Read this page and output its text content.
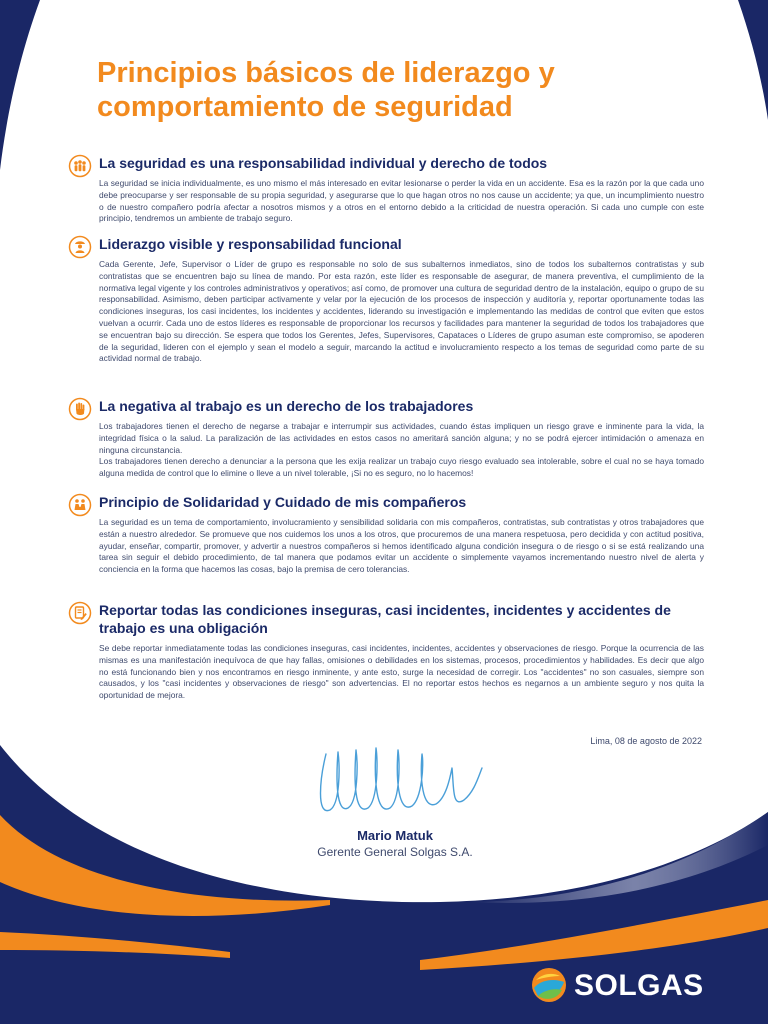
Principios básicos de liderazgo y
comportamiento de seguridad
La seguridad es una responsabilidad individual y derecho de todos

La seguridad se inicia individualmente, es uno mismo el más interesado en evitar lesionarse o perder la vida en un accidente. Esa es la razón por la que cada uno debe preocuparse y ser responsable de su propia seguridad, y asegurarse que lo que hagan otros no nos cause un accidente; ya que, un incumplimiento nuestro o de nuestro compañero podría afectar a nosotros mismos y a otros en el entorno debido a la criticidad de nuestra operación. Si cada uno cumple con este principio, tendremos un ambiente de trabajo seguro.

Liderazgo visible y responsabilidad funcional

Cada Gerente, Jefe, Supervisor o Líder de grupo es responsable no solo de sus subalternos inmediatos, sino de todos los subalternos contratistas y sub contratistas que se encuentren bajo su línea de mando. Por esta razón, este líder es responsable de asegurar, de manera preventiva, el cumplimiento de la normativa legal vigente y los controles administrativos y operativos; así como, de promover una cultura de seguridad dentro de la instalación, equipo o grupo de su responsabilidad. Asimismo, deben participar activamente y velar por la ejecución de los procesos de inspección y auditoría y, reportar oportunamente todas las condiciones inseguras, los casi incidentes, los incidentes y accidentes, liderando su investigación e implementando las medidas de control que eviten que estos vuelvan a ocurrir. Cada uno de estos líderes es responsable de proporcionar los recursos y facilidades para mantener la seguridad de todos los trabajadores que se encuentran bajo su dirección. Se espera que todos los Gerentes, Jefes, Supervisores, Capataces o Líderes de grupo asuman este compromiso, se apoderen de la seguridad, lideren con el ejemplo y sean el modelo a seguir, marcando la actitud e involucramiento respecto a los temas de seguridad como parte de su actividad normal de trabajo.

La negativa al trabajo es un derecho de los trabajadores

Los trabajadores tienen el derecho de negarse a trabajar e interrumpir sus actividades, cuando éstas impliquen un riesgo grave e inminente para la vida, la integridad física o la salud. La paralización de las actividades en estos casos no ameritará sanción alguna; y no se podrá ejercer intimidación o amenaza en ninguna circunstancia.

Los trabajadores tienen derecho a denunciar a la persona que les exija realizar un trabajo cuyo riesgo evaluado sea intolerable, sobre el cual no se haya tomado alguna medida de control que lo elimine o lleve a un nivel tolerable, ¡Si no es seguro, no lo hacemos!

Principio de Solidaridad y Cuidado de mis compañeros

La seguridad es un tema de comportamiento, involucramiento y sensibilidad solidaria con mis compañeros, contratistas, sub contratistas y otros trabajadores que están a nuestro alrededor. Se promueve que nos cuidemos los unos a los otros, que procuremos de una manera respetuosa, pero decidida y con actitud positiva, ayudar, enseñar, compartir, promover, y advertir a nuestros compañeros si hemos identificado alguna condición insegura o de riesgo o si se está realizando una tarea sin seguir el debido procedimiento, de tal manera que podamos evitar un accidente o simplemente vayamos incrementando nuestro nivel de alerta y conciencia en la forma que hacemos las cosas, bajo la premisa de cero tolerancias.

Reportar todas las condiciones inseguras, casi incidentes, incidentes y accidentes de trabajo es una obligación

Se debe reportar inmediatamente todas las condiciones inseguras, casi incidentes, incidentes, accidentes y observaciones de riesgo. Porque la ocurrencia de las mismas es una manifestación inequívoca de que hay fallas, omisiones o debilidades en los sistemas, procesos, procedimientos y habilidades. Es decir que algo no está funcionando bien y nos encontramos en riesgo inminente, y ante esto, surge la necesidad de corregir. Los "accidentes" no son casuales, siempre son causados, y los "casi incidentes y observaciones de riesgo" son advertencias. El no reportar estos hechos es negarnos a un ambiente seguro y nos quita la oportunidad de mejora.

Lima, 08 de agosto de 2022
Mario Matuk
Gerente General Solgas S.A.
SOLGAS
